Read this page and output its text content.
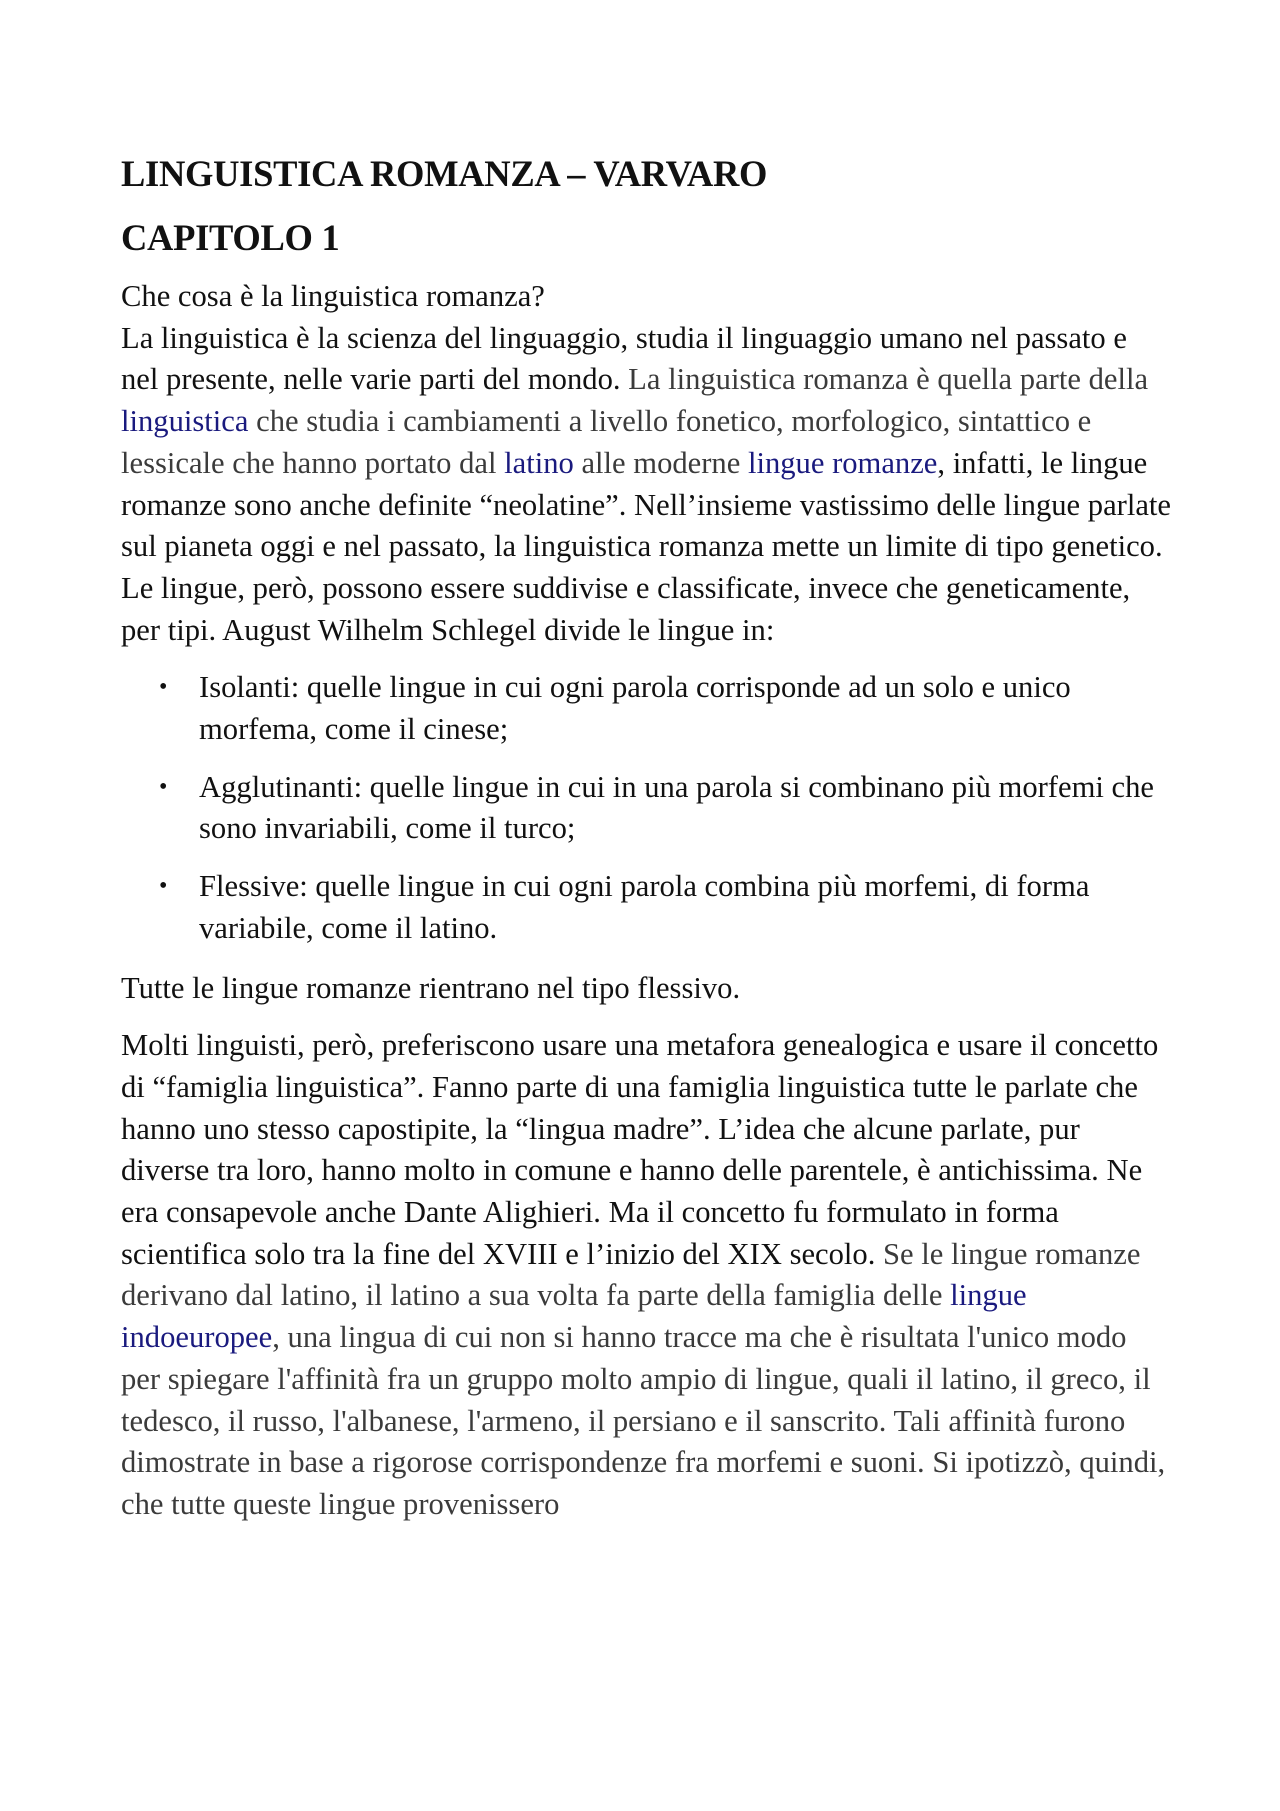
LINGUISTICA ROMANZA – VARVARO
CAPITOLO 1

Che cosa è la linguistica romanza?

La linguistica è la scienza del linguaggio, studia il linguaggio umano nel passato e nel presente, nelle varie parti del mondo. La linguistica romanza è quella parte della linguistica che studia i cambiamenti a livello fonetico, morfologico, sintattico e lessicale che hanno portato dal latino alle moderne lingue romanze, infatti, le lingue romanze sono anche definite “neolatine”. Nell’insieme vastissimo delle lingue parlate sul pianeta oggi e nel passato, la linguistica romanza mette un limite di tipo genetico.

Le lingue, però, possono essere suddivise e classificate, invece che geneticamente, per tipi. August Wilhelm Schlegel divide le lingue in:

• Isolanti: quelle lingue in cui ogni parola corrisponde ad un solo e unico morfema, come il cinese;
• Agglutinanti: quelle lingue in cui in una parola si combinano più morfemi che sono invariabili, come il turco;
• Flessive: quelle lingue in cui ogni parola combina più morfemi, di forma variabile, come il latino.

Tutte le lingue romanze rientrano nel tipo flessivo.

Molti linguisti, però, preferiscono usare una metafora genealogica e usare il concetto di “famiglia linguistica”. Fanno parte di una famiglia linguistica tutte le parlate che hanno uno stesso capostipite, la “lingua madre”. L’idea che alcune parlate, pur diverse tra loro, hanno molto in comune e hanno delle parentele, è antichissima. Ne era consapevole anche Dante Alighieri. Ma il concetto fu formulato in forma scientifica solo tra la fine del XVIII e l’inizio del XIX secolo. Se le lingue romanze derivano dal latino, il latino a sua volta fa parte della famiglia delle lingue indoeuropee, una lingua di cui non si hanno tracce ma che è risultata l'unico modo per spiegare l'affinità fra un gruppo molto ampio di lingue, quali il latino, il greco, il tedesco, il russo, l'albanese, l'armeno, il persiano e il sanscrito. Tali affinità furono dimostrate in base a rigorose corrispondenze fra morfemi e suoni. Si ipotizzò, quindi, che tutte queste lingue provenissero
